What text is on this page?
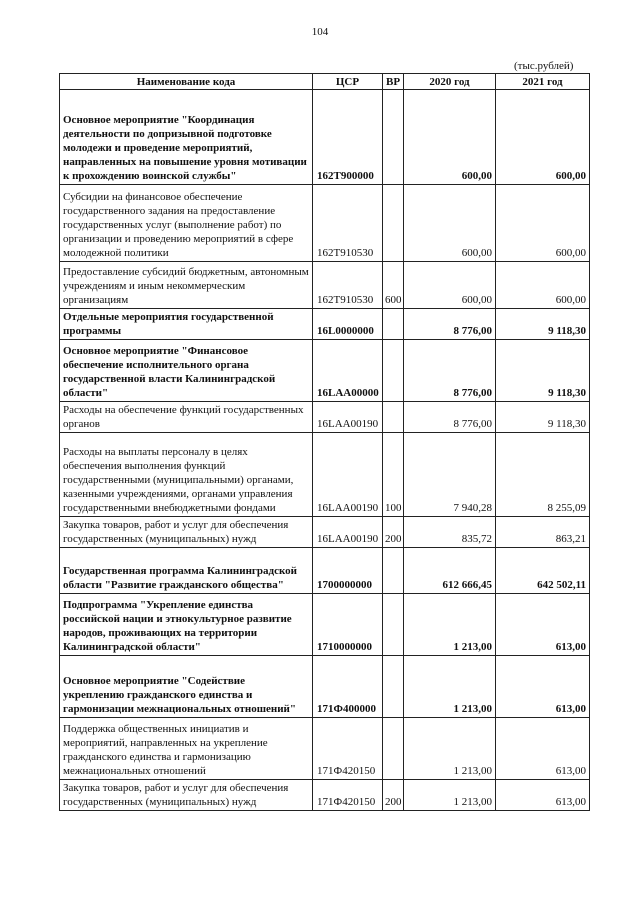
104
(тыс.рублей)
Наименование кода	ЦСР	ВР	2020 год	2021 год
Основное мероприятие "Координация деятельности по допризывной подготовке молодежи и проведение мероприятий, направленных на повышение уровня мотивации к прохождению воинской службы"	162Т900000		600,00	600,00
Субсидии на финансовое обеспечение государственного задания на предоставление государственных услуг (выполнение работ) по организации и проведению мероприятий в сфере молодежной политики	162Т910530		600,00	600,00
Предоставление субсидий бюджетным, автономным учреждениям и иным некоммерческим организациям	162Т910530	600	600,00	600,00
Отдельные мероприятия государственной программы	16L0000000		8 776,00	9 118,30
Основное мероприятие "Финансовое обеспечение исполнительного органа государственной власти Калининградской области"	16LАА00000		8 776,00	9 118,30
Расходы на обеспечение функций государственных органов	16LАА00190		8 776,00	9 118,30
Расходы на выплаты персоналу в целях обеспечения выполнения функций государственными (муниципальными) органами, казенными учреждениями, органами управления государственными внебюджетными фондами	16LАА00190	100	7 940,28	8 255,09
Закупка товаров, работ и услуг для обеспечения государственных (муниципальных) нужд	16LАА00190	200	835,72	863,21
Государственная программа Калининградской области "Развитие гражданского общества"	1700000000		612 666,45	642 502,11
Подпрограмма "Укрепление единства российской нации и этнокультурное развитие народов, проживающих на территории Калининградской области"	1710000000		1 213,00	613,00
Основное мероприятие "Содействие укреплению гражданского единства и гармонизации межнациональных отношений"	171Ф400000		1 213,00	613,00
Поддержка общественных инициатив и мероприятий, направленных на укрепление гражданского единства и гармонизацию межнациональных отношений	171Ф420150		1 213,00	613,00
Закупка товаров, работ и услуг для обеспечения государственных (муниципальных) нужд	171Ф420150	200	1 213,00	613,00
